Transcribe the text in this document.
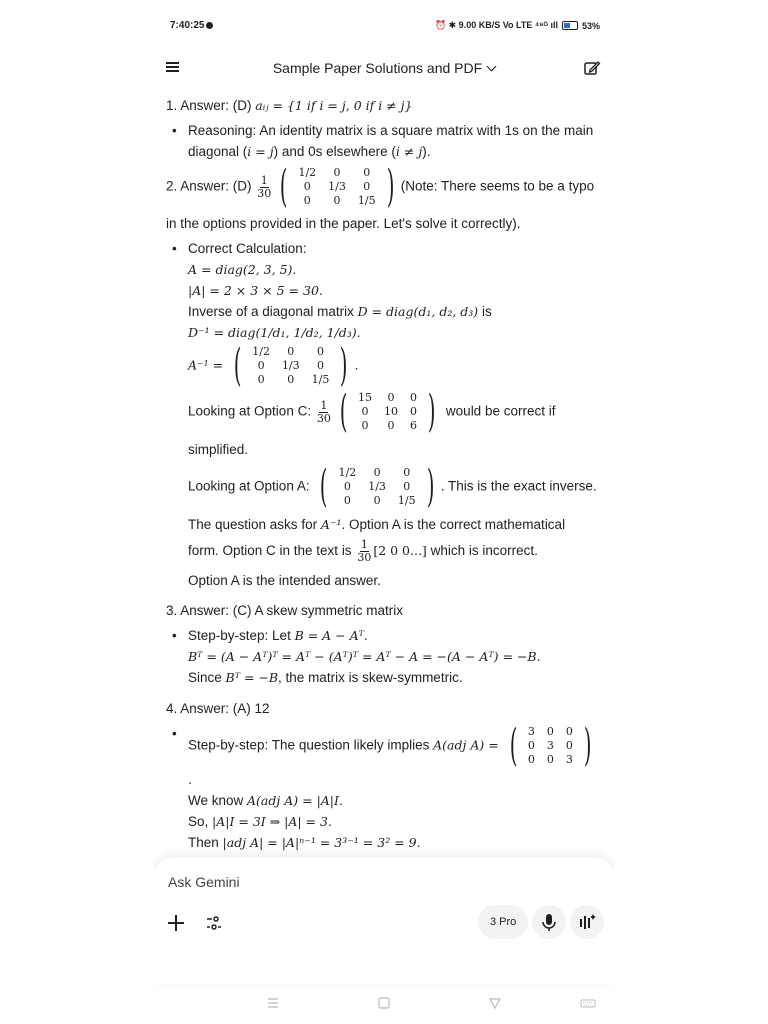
7:40:25	⏰ ✱ 9.00 KB/S Vo LTE ⁴⁶ᴳ ıll	53%
Sample Paper Solutions and PDF

1. Answer: (D) aᵢⱼ = {1 if i = j, 0 if i ≠ j}

• Reasoning: An identity matrix is a square matrix with 1s on the main diagonal (i = j) and 0s elsewhere (i ≠ j).

2. Answer: $(D) \frac{1}{30}$ ( 1/2	0	0
0	1/3	0
0	0	1/5 ) (Note: There seems to be a typo

in the options provided in the paper. Let's solve it correctly).

• Correct Calculation:
A = diag(2, 3, 5).
|A| = 2 × 3 × 5 = 30.
Inverse of a diagonal matrix D = diag(d₁, d₂, d₃) is
D⁻¹ = diag(1/d₁, 1/d₂, 1/d₃).
A⁻¹ = ( 1/2	0	0
0	1/3	0
0	0	1/5 ) .
Looking at Option C: $\frac{1}{30}$ ( 15	0	0
0	10	0
0	0	6 ) would be correct if
simplified.
Looking at Option A: ( 1/2	0	0
0	1/3	0
0	0	1/5 ) . This is the exact inverse.
The question asks for A⁻¹. Option A is the correct mathematical
form. Option C in the text is $\frac{1}{30} [2$ 0 0...] which is incorrect.
Option A is the intended answer.

3. Answer: (C) A skew symmetric matrix

• Step-by-step: Let B = A − Aᵀ.
Bᵀ = (A − Aᵀ)ᵀ = Aᵀ − (Aᵀ)ᵀ = Aᵀ − A = −(A − Aᵀ) = −B.
Since Bᵀ = −B, the matrix is skew-symmetric.

4. Answer: (A) 12

• Step-by-step: The question likely implies A(adj A) = ( 3	0	0
0	3	0
0	0	3 )
.
We know A(adj A) = |A|I.
So, |A|I = 3I ⇒ |A| = 3.
Then |adj A| = |A|ⁿ⁻¹ = 3³⁻¹ = 3² = 9.
Ask Gemini
3 Pro
